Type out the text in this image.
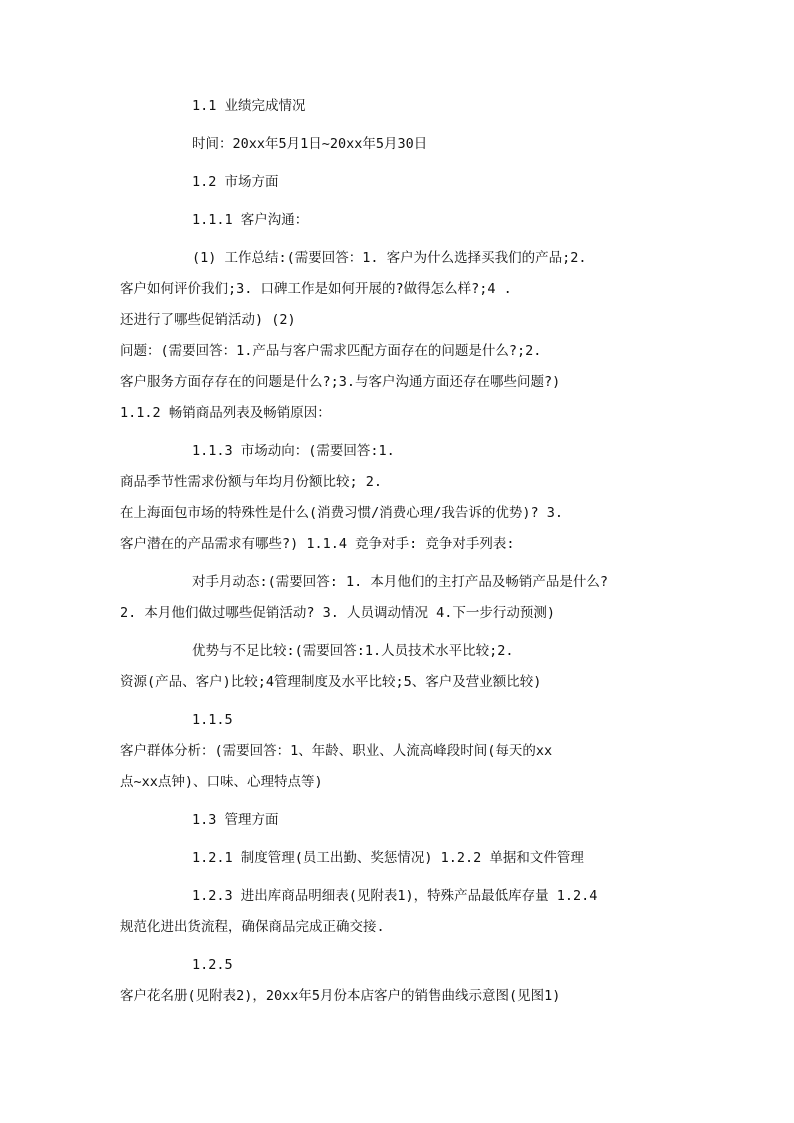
1.1 业绩完成情况
时间：20xx年5月1日~20xx年5月30日
1.2 市场方面
1.1.1 客户沟通：
(1) 工作总结:(需要回答：1. 客户为什么选择买我们的产品;2.
客户如何评价我们;3. 口碑工作是如何开展的?做得怎么样?;4 .
还进行了哪些促销活动) (2)
问题：(需要回答：1.产品与客户需求匹配方面存在的问题是什么?;2.
客户服务方面存存在的问题是什么?;3.与客户沟通方面还存在哪些问题?)
1.1.2 畅销商品列表及畅销原因：
1.1.3 市场动向：(需要回答:1.
商品季节性需求份额与年均月份额比较; 2.
在上海面包市场的特殊性是什么(消费习惯/消费心理/我告诉的优势)? 3.
客户潜在的产品需求有哪些?) 1.1.4 竞争对手: 竞争对手列表:
对手月动态:(需要回答: 1. 本月他们的主打产品及畅销产品是什么?
2. 本月他们做过哪些促销活动? 3. 人员调动情况 4.下一步行动预测)
优势与不足比较:(需要回答:1.人员技术水平比较;2.
资源(产品、客户)比较;4管理制度及水平比较;5、客户及营业额比较)
1.1.5
客户群体分析：(需要回答：1、年龄、职业、人流高峰段时间(每天的xx
点~xx点钟)、口味、心理特点等)
1.3 管理方面
1.2.1 制度管理(员工出勤、奖惩情况) 1.2.2 单据和文件管理
1.2.3 进出库商品明细表(见附表1)，特殊产品最低库存量 1.2.4
规范化进出货流程，确保商品完成正确交接.
1.2.5
客户花名册(见附表2)，20xx年5月份本店客户的销售曲线示意图(见图1)
